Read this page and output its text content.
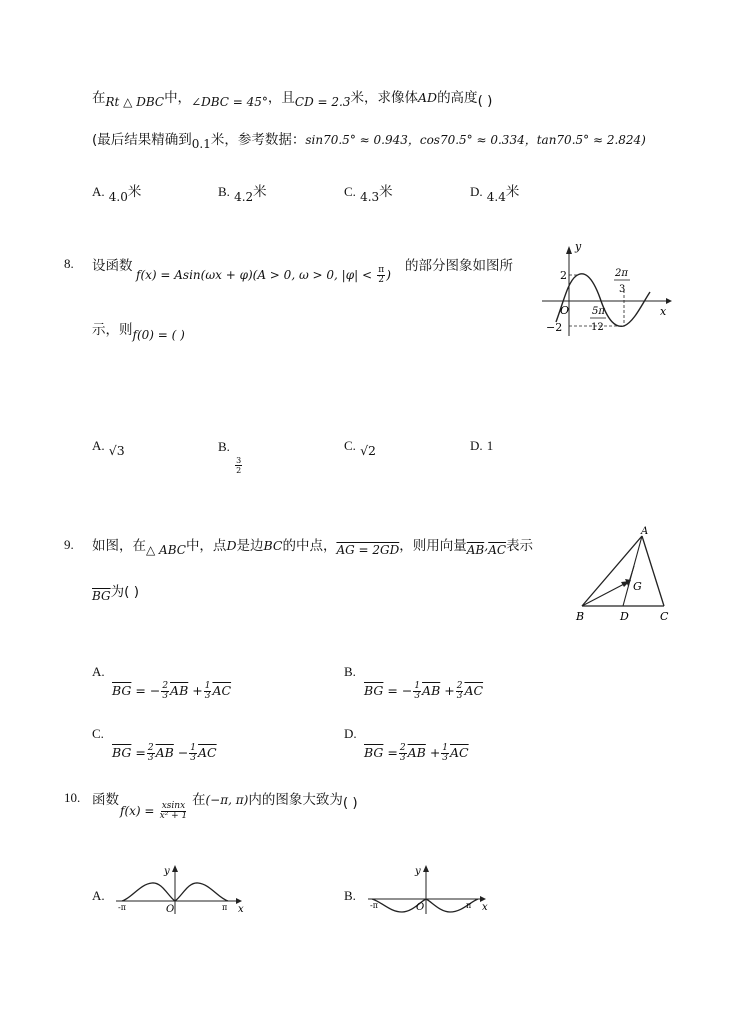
在Rt △ DBC中，∠DBC = 45°，且CD = 2.3米，求像体AD的高度( )
(最后结果精确到0.1米，参考数据：sin70.5° ≈ 0.943，cos70.5° ≈ 0.334，tan70.5° ≈ 2.824)
A. 4.0米	B. 4.2米	C. 4.3米	D. 4.4米
8. 设函数
f(x) = Asin(ωx + φ)(A > 0, ω > 0, $|\varphi| < \frac{\pi}{2}$ )
的部分图象如图所
示，则f(0) = ( )
y
x
O
2
−2
5π
12
2π
3
A. √3	B.
$\frac{3}{2}$
C. √2	D. 1
9. 如图，在△ ABC中，点D是边BC的中点，AG = 2GD，则用向量$\overline{AB},\overline{AC}$表示
$\overline{BG}$为( )
A
B	C
D
G
A.
$\overline{BG}$ = − $\frac{2}{3} \overline{AB} + \frac{1}{3} \overline{AC}$
B.
$\overline{BG}$ = − $\frac{1}{3} \overline{AB} + \frac{2}{3} \overline{AC}$
C.
$\overline{BG} = \frac{2}{3} \overline{AB} - \frac{1}{3} \overline{AC}$
D.
$\overline{BG} = \frac{2}{3} \overline{AB} + \frac{1}{3} \overline{AC}$
10. 函数
$f(x) = \frac{xsinx}{\text{x² + 1}}$
在(−π, π)内的图象大致为( )
A.
y
x
O
-π	π
B.
y
x
O
-π	π
